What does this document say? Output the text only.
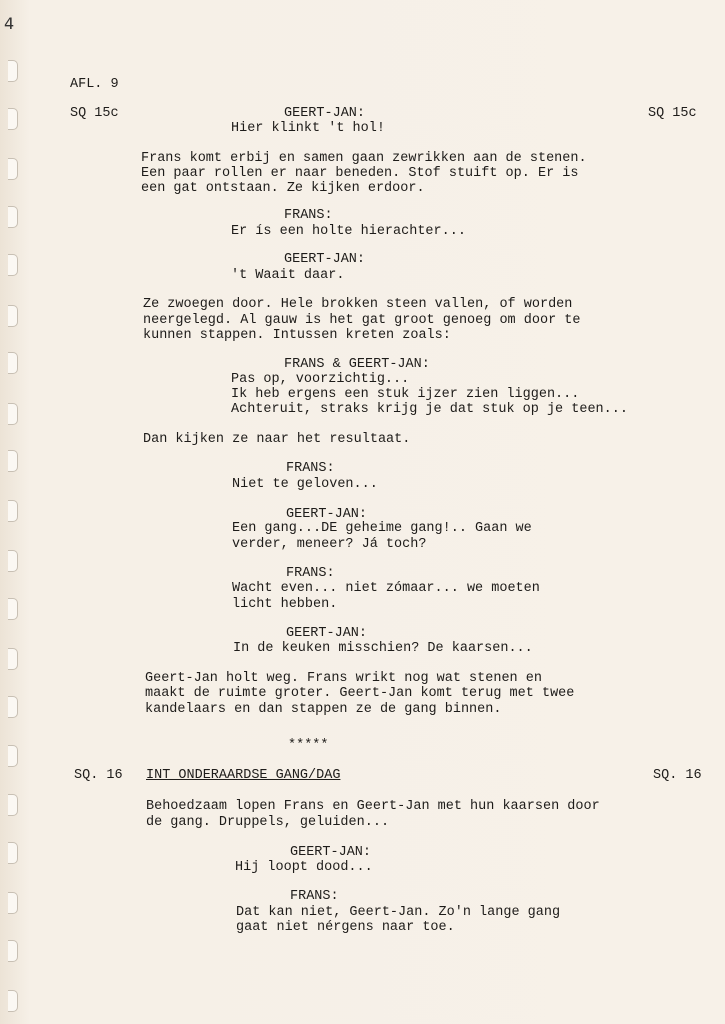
4
AFL. 9
SQ 15c	SQ 15c
GEERT-JAN:
Hier klinkt 't hol!
Frans komt erbij en samen gaan zewrikken aan de stenen.
Een paar rollen er naar beneden. Stof stuift op. Er is
een gat ontstaan. Ze kijken erdoor.
FRANS:
Er ís een holte hierachter...
GEERT-JAN:
't Waait daar.
Ze zwoegen door. Hele brokken steen vallen, of worden
neergelegd. Al gauw is het gat groot genoeg om door te
kunnen stappen. Intussen kreten zoals:
FRANS & GEERT-JAN:
Pas op, voorzichtig...
Ik heb ergens een stuk ijzer zien liggen...
Achteruit, straks krijg je dat stuk op je teen...
Dan kijken ze naar het resultaat.
FRANS:
Niet te geloven...
GEERT-JAN:
Een gang...DE geheime gang!.. Gaan we
verder, meneer? Já toch?
FRANS:
Wacht even... niet zómaar... we moeten
licht hebben.
GEERT-JAN:
In de keuken misschien? De kaarsen...
Geert-Jan holt weg. Frans wrikt nog wat stenen en
maakt de ruimte groter. Geert-Jan komt terug met twee
kandelaars en dan stappen ze de gang binnen.
*****
SQ. 16 INT ONDERAARDSE GANG/DAG	SQ. 16
Behoedzaam lopen Frans en Geert-Jan met hun kaarsen door
de gang. Druppels, geluiden...
GEERT-JAN:
Hij loopt dood...
FRANS:
Dat kan niet, Geert-Jan. Zo'n lange gang
gaat niet nérgens naar toe.
